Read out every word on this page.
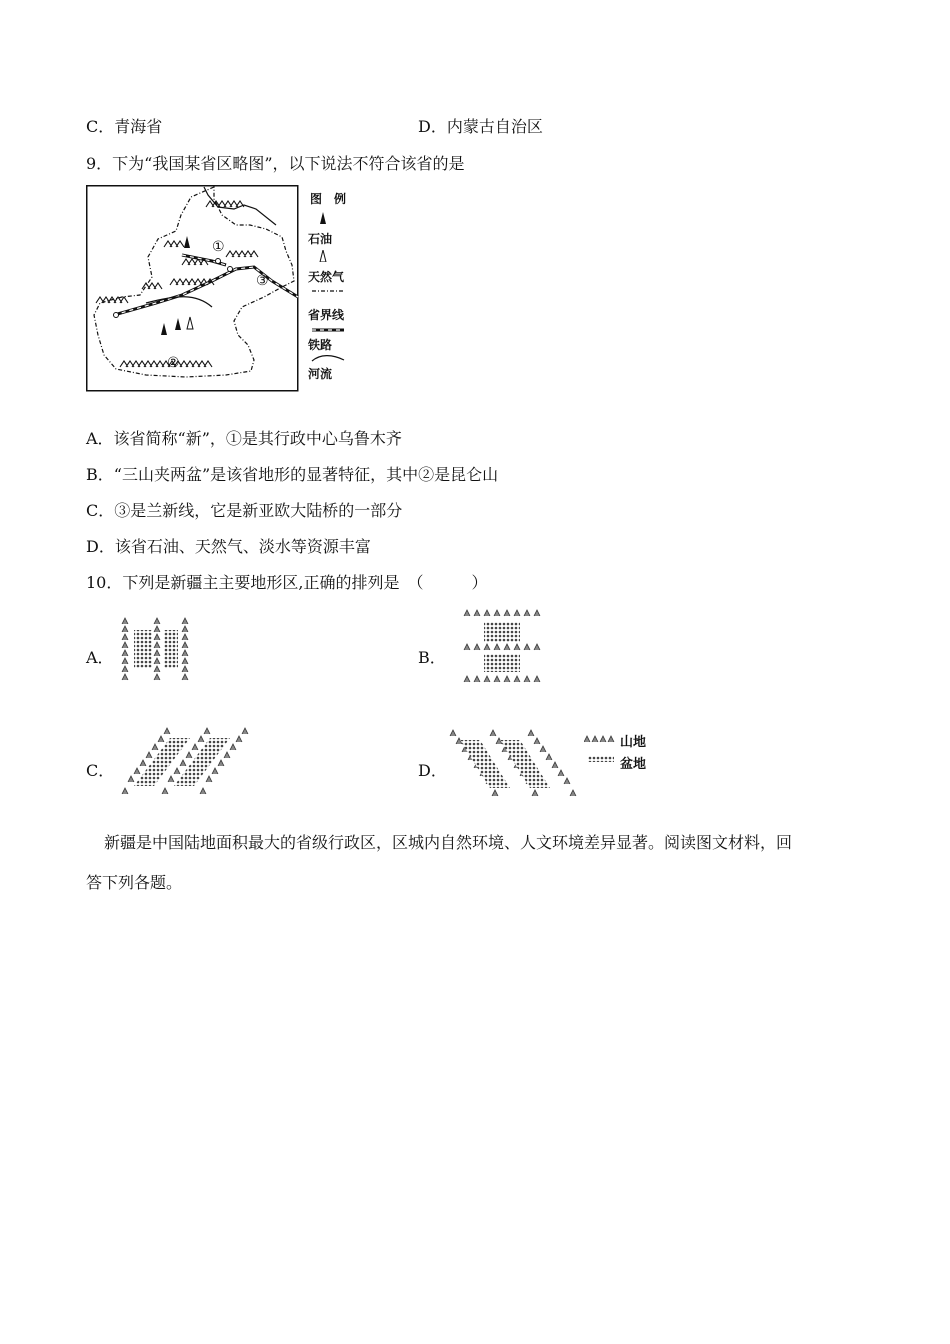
C．青海省	D．内蒙古自治区
9．下为“我国某省区略图”，以下说法不符合该省的是
①
②
③
图　例
石油
天然气
省界线
铁路
河流
A．该省简称“新”，①是其行政中心乌鲁木齐
B．“三山夹两盆”是该省地形的显著特征，其中②是昆仑山
C．③是兰新线，它是新亚欧大陆桥的一部分
D．该省石油、天然气、淡水等资源丰富
10．下列是新疆主主要地形区,正确的排列是　（　　　）
A．	B．
C．	D．
山地
盆地
新疆是中国陆地面积最大的省级行政区，区城内自然环境、人文环境差异显著。阅读图文材料，回
答下列各题。
